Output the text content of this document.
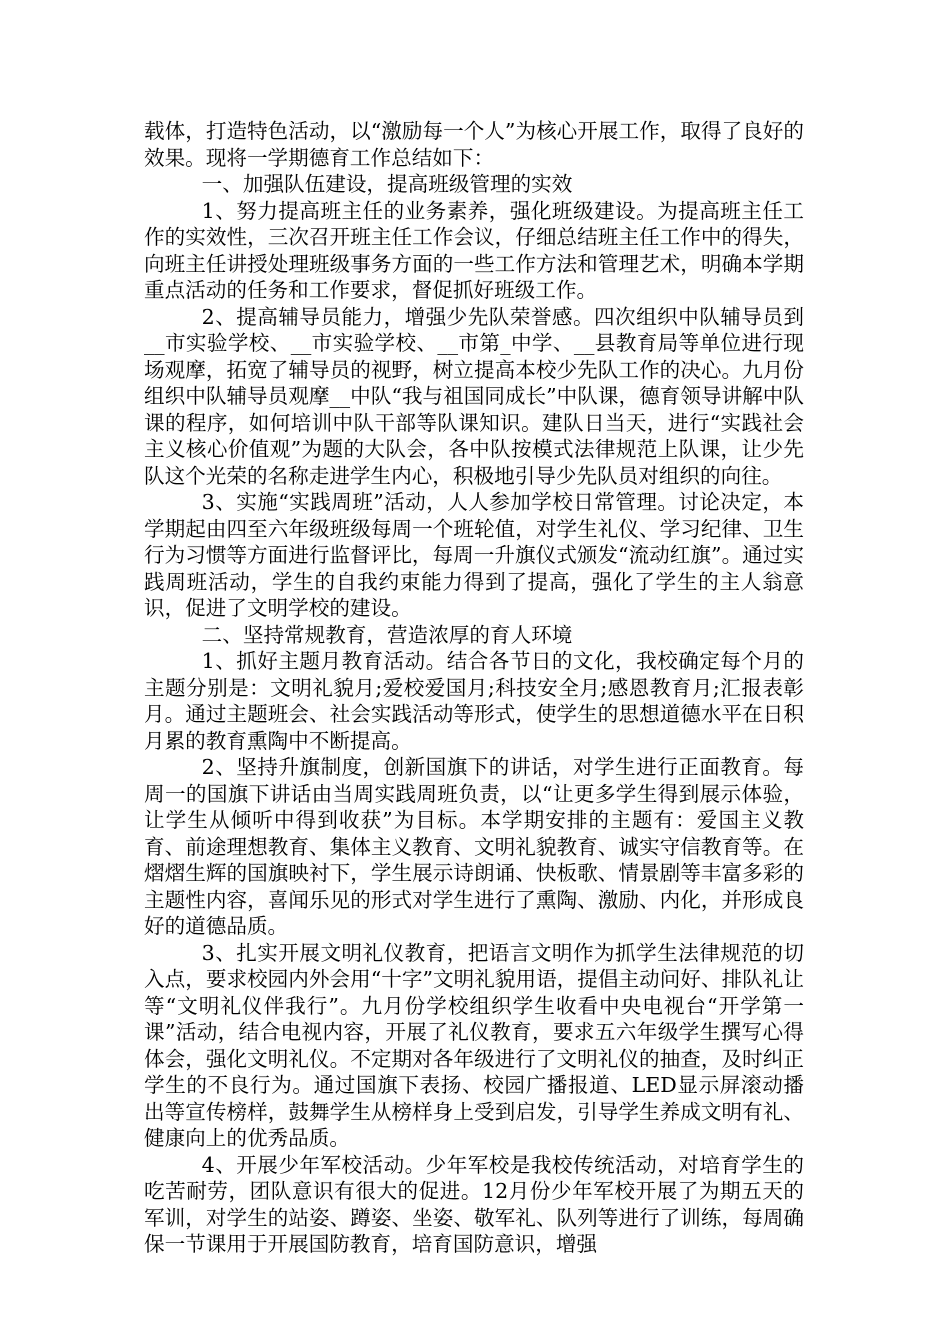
载体，打造特色活动，以“激励每一个人”为核心开展工作，取得了良好的效果。现将一学期德育工作总结如下：

一、加强队伍建设，提高班级管理的实效

1、努力提高班主任的业务素养，强化班级建设。为提高班主任工作的实效性，三次召开班主任工作会议，仔细总结班主任工作中的得失，向班主任讲授处理班级事务方面的一些工作方法和管理艺术，明确本学期重点活动的任务和工作要求，督促抓好班级工作。

2、提高辅导员能力，增强少先队荣誉感。四次组织中队辅导员到__市实验学校、__市实验学校、__市第_中学、__县教育局等单位进行现场观摩，拓宽了辅导员的视野，树立提高本校少先队工作的决心。九月份组织中队辅导员观摩__中队“我与祖国同成长”中队课，德育领导讲解中队课的程序，如何培训中队干部等队课知识。建队日当天，进行“实践社会主义核心价值观”为题的大队会，各中队按模式法律规范上队课，让少先队这个光荣的名称走进学生内心，积极地引导少先队员对组织的向往。

3、实施“实践周班”活动，人人参加学校日常管理。讨论决定，本学期起由四至六年级班级每周一个班轮值，对学生礼仪、学习纪律、卫生行为习惯等方面进行监督评比，每周一升旗仪式颁发“流动红旗”。通过实践周班活动，学生的自我约束能力得到了提高，强化了学生的主人翁意识，促进了文明学校的建设。

二、坚持常规教育，营造浓厚的育人环境

1、抓好主题月教育活动。结合各节日的文化，我校确定每个月的主题分别是：文明礼貌月;爱校爱国月;科技安全月;感恩教育月;汇报表彰月。通过主题班会、社会实践活动等形式，使学生的思想道德水平在日积月累的教育熏陶中不断提高。

2、坚持升旗制度，创新国旗下的讲话，对学生进行正面教育。每周一的国旗下讲话由当周实践周班负责，以“让更多学生得到展示体验，让学生从倾听中得到收获”为目标。本学期安排的主题有：爱国主义教育、前途理想教育、集体主义教育、文明礼貌教育、诚实守信教育等。在熠熠生辉的国旗映衬下，学生展示诗朗诵、快板歌、情景剧等丰富多彩的主题性内容，喜闻乐见的形式对学生进行了熏陶、激励、内化，并形成良好的道德品质。

3、扎实开展文明礼仪教育，把语言文明作为抓学生法律规范的切入点，要求校园内外会用“十字”文明礼貌用语，提倡主动问好、排队礼让等“文明礼仪伴我行”。九月份学校组织学生收看中央电视台“开学第一课”活动，结合电视内容，开展了礼仪教育，要求五六年级学生撰写心得体会，强化文明礼仪。不定期对各年级进行了文明礼仪的抽查，及时纠正学生的不良行为。通过国旗下表扬、校园广播报道、LED显示屏滚动播出等宣传榜样，鼓舞学生从榜样身上受到启发，引导学生养成文明有礼、健康向上的优秀品质。

4、开展少年军校活动。少年军校是我校传统活动，对培育学生的吃苦耐劳，团队意识有很大的促进。12月份少年军校开展了为期五天的军训，对学生的站姿、蹲姿、坐姿、敬军礼、队列等进行了训练，每周确保一节课用于开展国防教育，培育国防意识，增强
